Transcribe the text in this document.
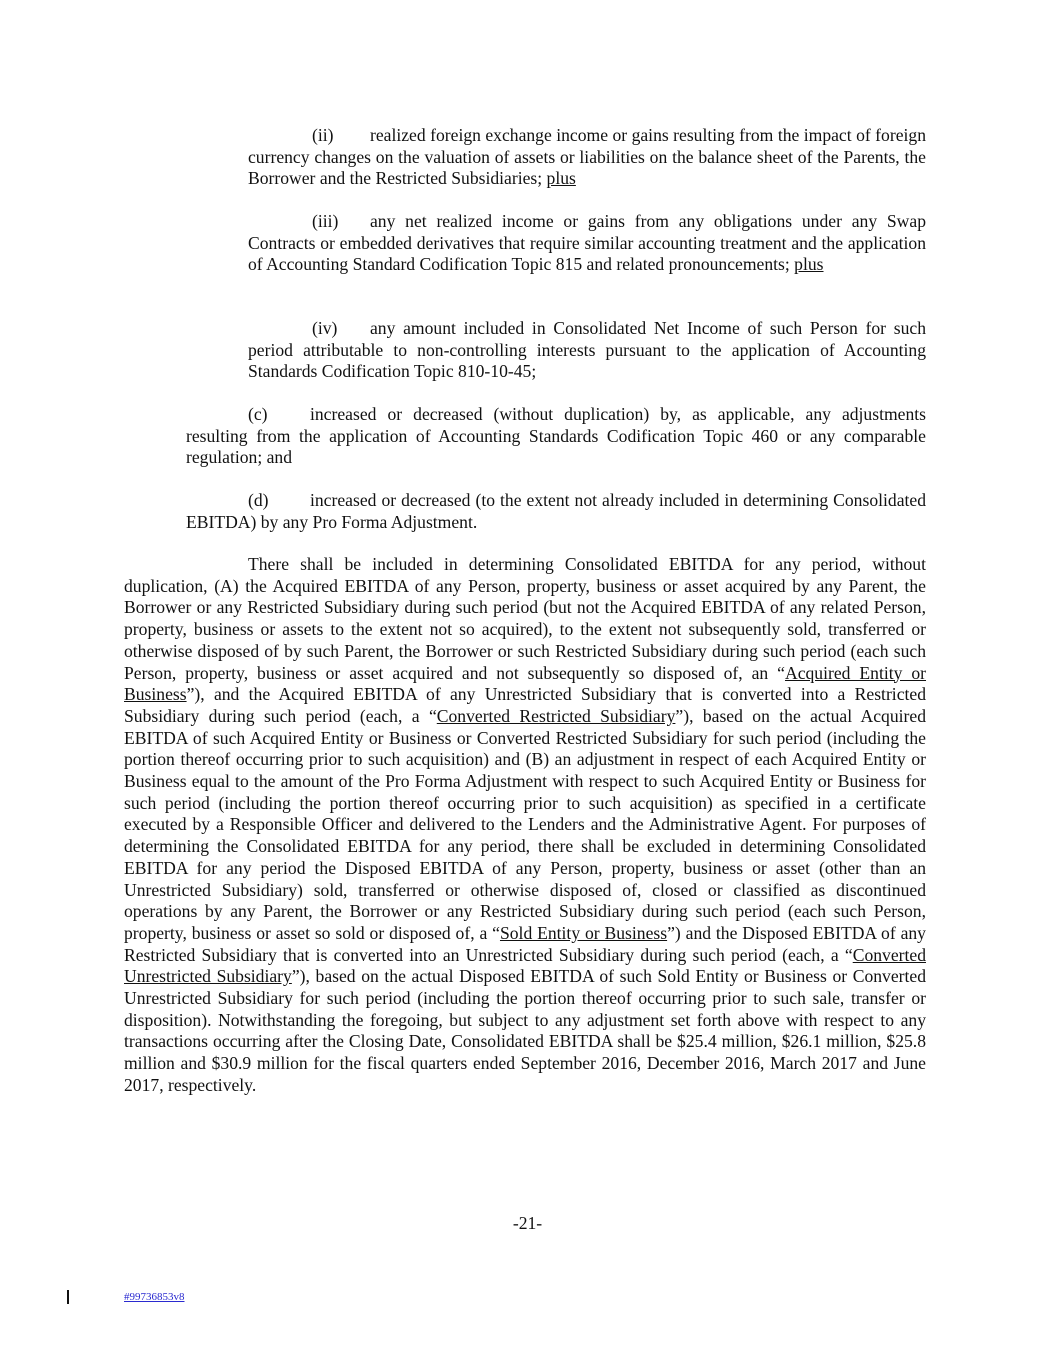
(ii) realized foreign exchange income or gains resulting from the impact of foreign currency changes on the valuation of assets or liabilities on the balance sheet of the Parents, the Borrower and the Restricted Subsidiaries; plus
(iii) any net realized income or gains from any obligations under any Swap Contracts or embedded derivatives that require similar accounting treatment and the application of Accounting Standard Codification Topic 815 and related pronouncements; plus
(iv) any amount included in Consolidated Net Income of such Person for such period attributable to non-controlling interests pursuant to the application of Accounting Standards Codification Topic 810-10-45;
(c) increased or decreased (without duplication) by, as applicable, any adjustments resulting from the application of Accounting Standards Codification Topic 460 or any comparable regulation; and
(d) increased or decreased (to the extent not already included in determining Consolidated EBITDA) by any Pro Forma Adjustment.
There shall be included in determining Consolidated EBITDA for any period, without duplication, (A) the Acquired EBITDA of any Person, property, business or asset acquired by any Parent, the Borrower or any Restricted Subsidiary during such period (but not the Acquired EBITDA of any related Person, property, business or assets to the extent not so acquired), to the extent not subsequently sold, transferred or otherwise disposed of by such Parent, the Borrower or such Restricted Subsidiary during such period (each such Person, property, business or asset acquired and not subsequently so disposed of, an “Acquired Entity or Business”), and the Acquired EBITDA of any Unrestricted Subsidiary that is converted into a Restricted Subsidiary during such period (each, a “Converted Restricted Subsidiary”), based on the actual Acquired EBITDA of such Acquired Entity or Business or Converted Restricted Subsidiary for such period (including the portion thereof occurring prior to such acquisition) and (B) an adjustment in respect of each Acquired Entity or Business equal to the amount of the Pro Forma Adjustment with respect to such Acquired Entity or Business for such period (including the portion thereof occurring prior to such acquisition) as specified in a certificate executed by a Responsible Officer and delivered to the Lenders and the Administrative Agent. For purposes of determining the Consolidated EBITDA for any period, there shall be excluded in determining Consolidated EBITDA for any period the Disposed EBITDA of any Person, property, business or asset (other than an Unrestricted Subsidiary) sold, transferred or otherwise disposed of, closed or classified as discontinued operations by any Parent, the Borrower or any Restricted Subsidiary during such period (each such Person, property, business or asset so sold or disposed of, a “Sold Entity or Business”) and the Disposed EBITDA of any Restricted Subsidiary that is converted into an Unrestricted Subsidiary during such period (each, a “Converted Unrestricted Subsidiary”), based on the actual Disposed EBITDA of such Sold Entity or Business or Converted Unrestricted Subsidiary for such period (including the portion thereof occurring prior to such sale, transfer or disposition). Notwithstanding the foregoing, but subject to any adjustment set forth above with respect to any transactions occurring after the Closing Date, Consolidated EBITDA shall be $25.4 million, $26.1 million, $25.8 million and $30.9 million for the fiscal quarters ended September 2016, December 2016, March 2017 and June 2017, respectively.
-21-
#99736853v8
